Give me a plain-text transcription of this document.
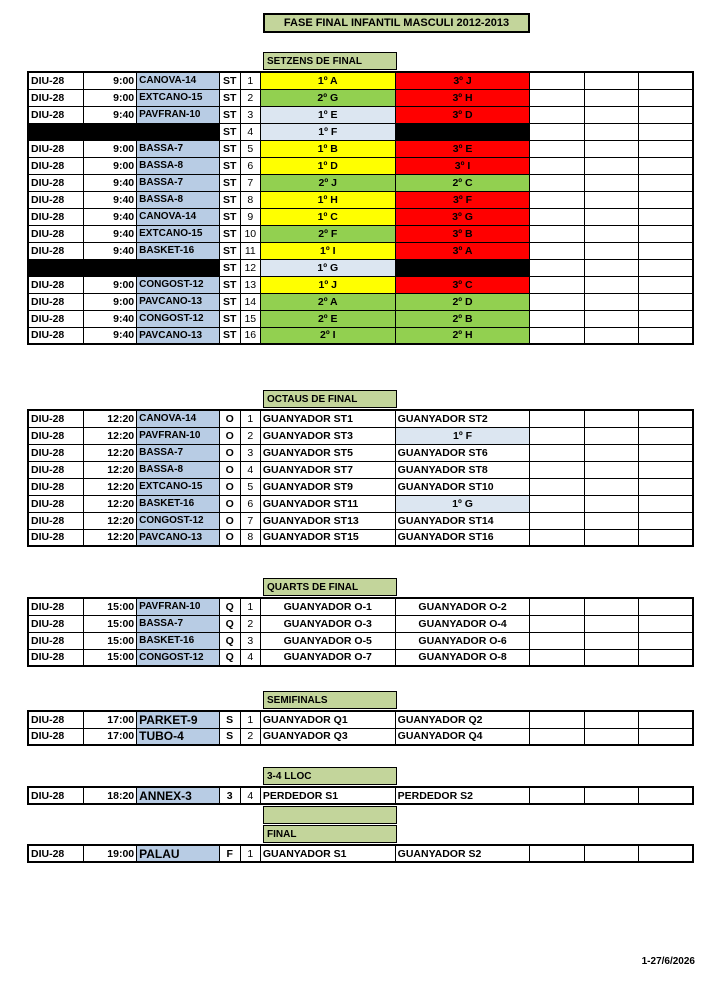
FASE FINAL INFANTIL MASCULI 2012-2013
SETZENS DE FINAL
DIU-28	9:00	CANOVA-14	ST	1	1º A	3º J			
DIU-28	9:00	EXTCANO-15	ST	2	2º G	3º H			
DIU-28	9:40	PAVFRAN-10	ST	3	1º E	3º D			
			ST	4	1º F				
DIU-28	9:00	BASSA-7	ST	5	1º B	3º E			
DIU-28	9:00	BASSA-8	ST	6	1º D	3º I			
DIU-28	9:40	BASSA-7	ST	7	2º J	2º C			
DIU-28	9:40	BASSA-8	ST	8	1º H	3º F			
DIU-28	9:40	CANOVA-14	ST	9	1º C	3º G			
DIU-28	9:40	EXTCANO-15	ST	10	2º F	3º B			
DIU-28	9:40	BASKET-16	ST	11	1º I	3º A			
			ST	12	1º G				
DIU-28	9:00	CONGOST-12	ST	13	1º J	3º C			
DIU-28	9:00	PAVCANO-13	ST	14	2º A	2º D			
DIU-28	9:40	CONGOST-12	ST	15	2º E	2º B			
DIU-28	9:40	PAVCANO-13	ST	16	2º I	2º H			
OCTAUS DE FINAL
DIU-28	12:20	CANOVA-14	O	1	GUANYADOR ST1	GUANYADOR ST2			
DIU-28	12:20	PAVFRAN-10	O	2	GUANYADOR ST3	1º F			
DIU-28	12:20	BASSA-7	O	3	GUANYADOR ST5	GUANYADOR ST6			
DIU-28	12:20	BASSA-8	O	4	GUANYADOR ST7	GUANYADOR ST8			
DIU-28	12:20	EXTCANO-15	O	5	GUANYADOR ST9	GUANYADOR ST10			
DIU-28	12:20	BASKET-16	O	6	GUANYADOR ST11	1º G			
DIU-28	12:20	CONGOST-12	O	7	GUANYADOR ST13	GUANYADOR ST14			
DIU-28	12:20	PAVCANO-13	O	8	GUANYADOR ST15	GUANYADOR ST16			
QUARTS DE FINAL
DIU-28	15:00	PAVFRAN-10	Q	1	GUANYADOR O-1	GUANYADOR O-2			
DIU-28	15:00	BASSA-7	Q	2	GUANYADOR O-3	GUANYADOR O-4			
DIU-28	15:00	BASKET-16	Q	3	GUANYADOR O-5	GUANYADOR O-6			
DIU-28	15:00	CONGOST-12	Q	4	GUANYADOR O-7	GUANYADOR O-8			
SEMIFINALS
DIU-28	17:00	PARKET-9	S	1	GUANYADOR Q1	GUANYADOR Q2			
DIU-28	17:00	TUBO-4	S	2	GUANYADOR Q3	GUANYADOR Q4			
3-4 LLOC
DIU-28	18:20	ANNEX-3	3	4	PERDEDOR S1	PERDEDOR S2			
FINAL
DIU-28	19:00	PALAU	F	1	GUANYADOR S1	GUANYADOR S2			
1-27/6/2026
